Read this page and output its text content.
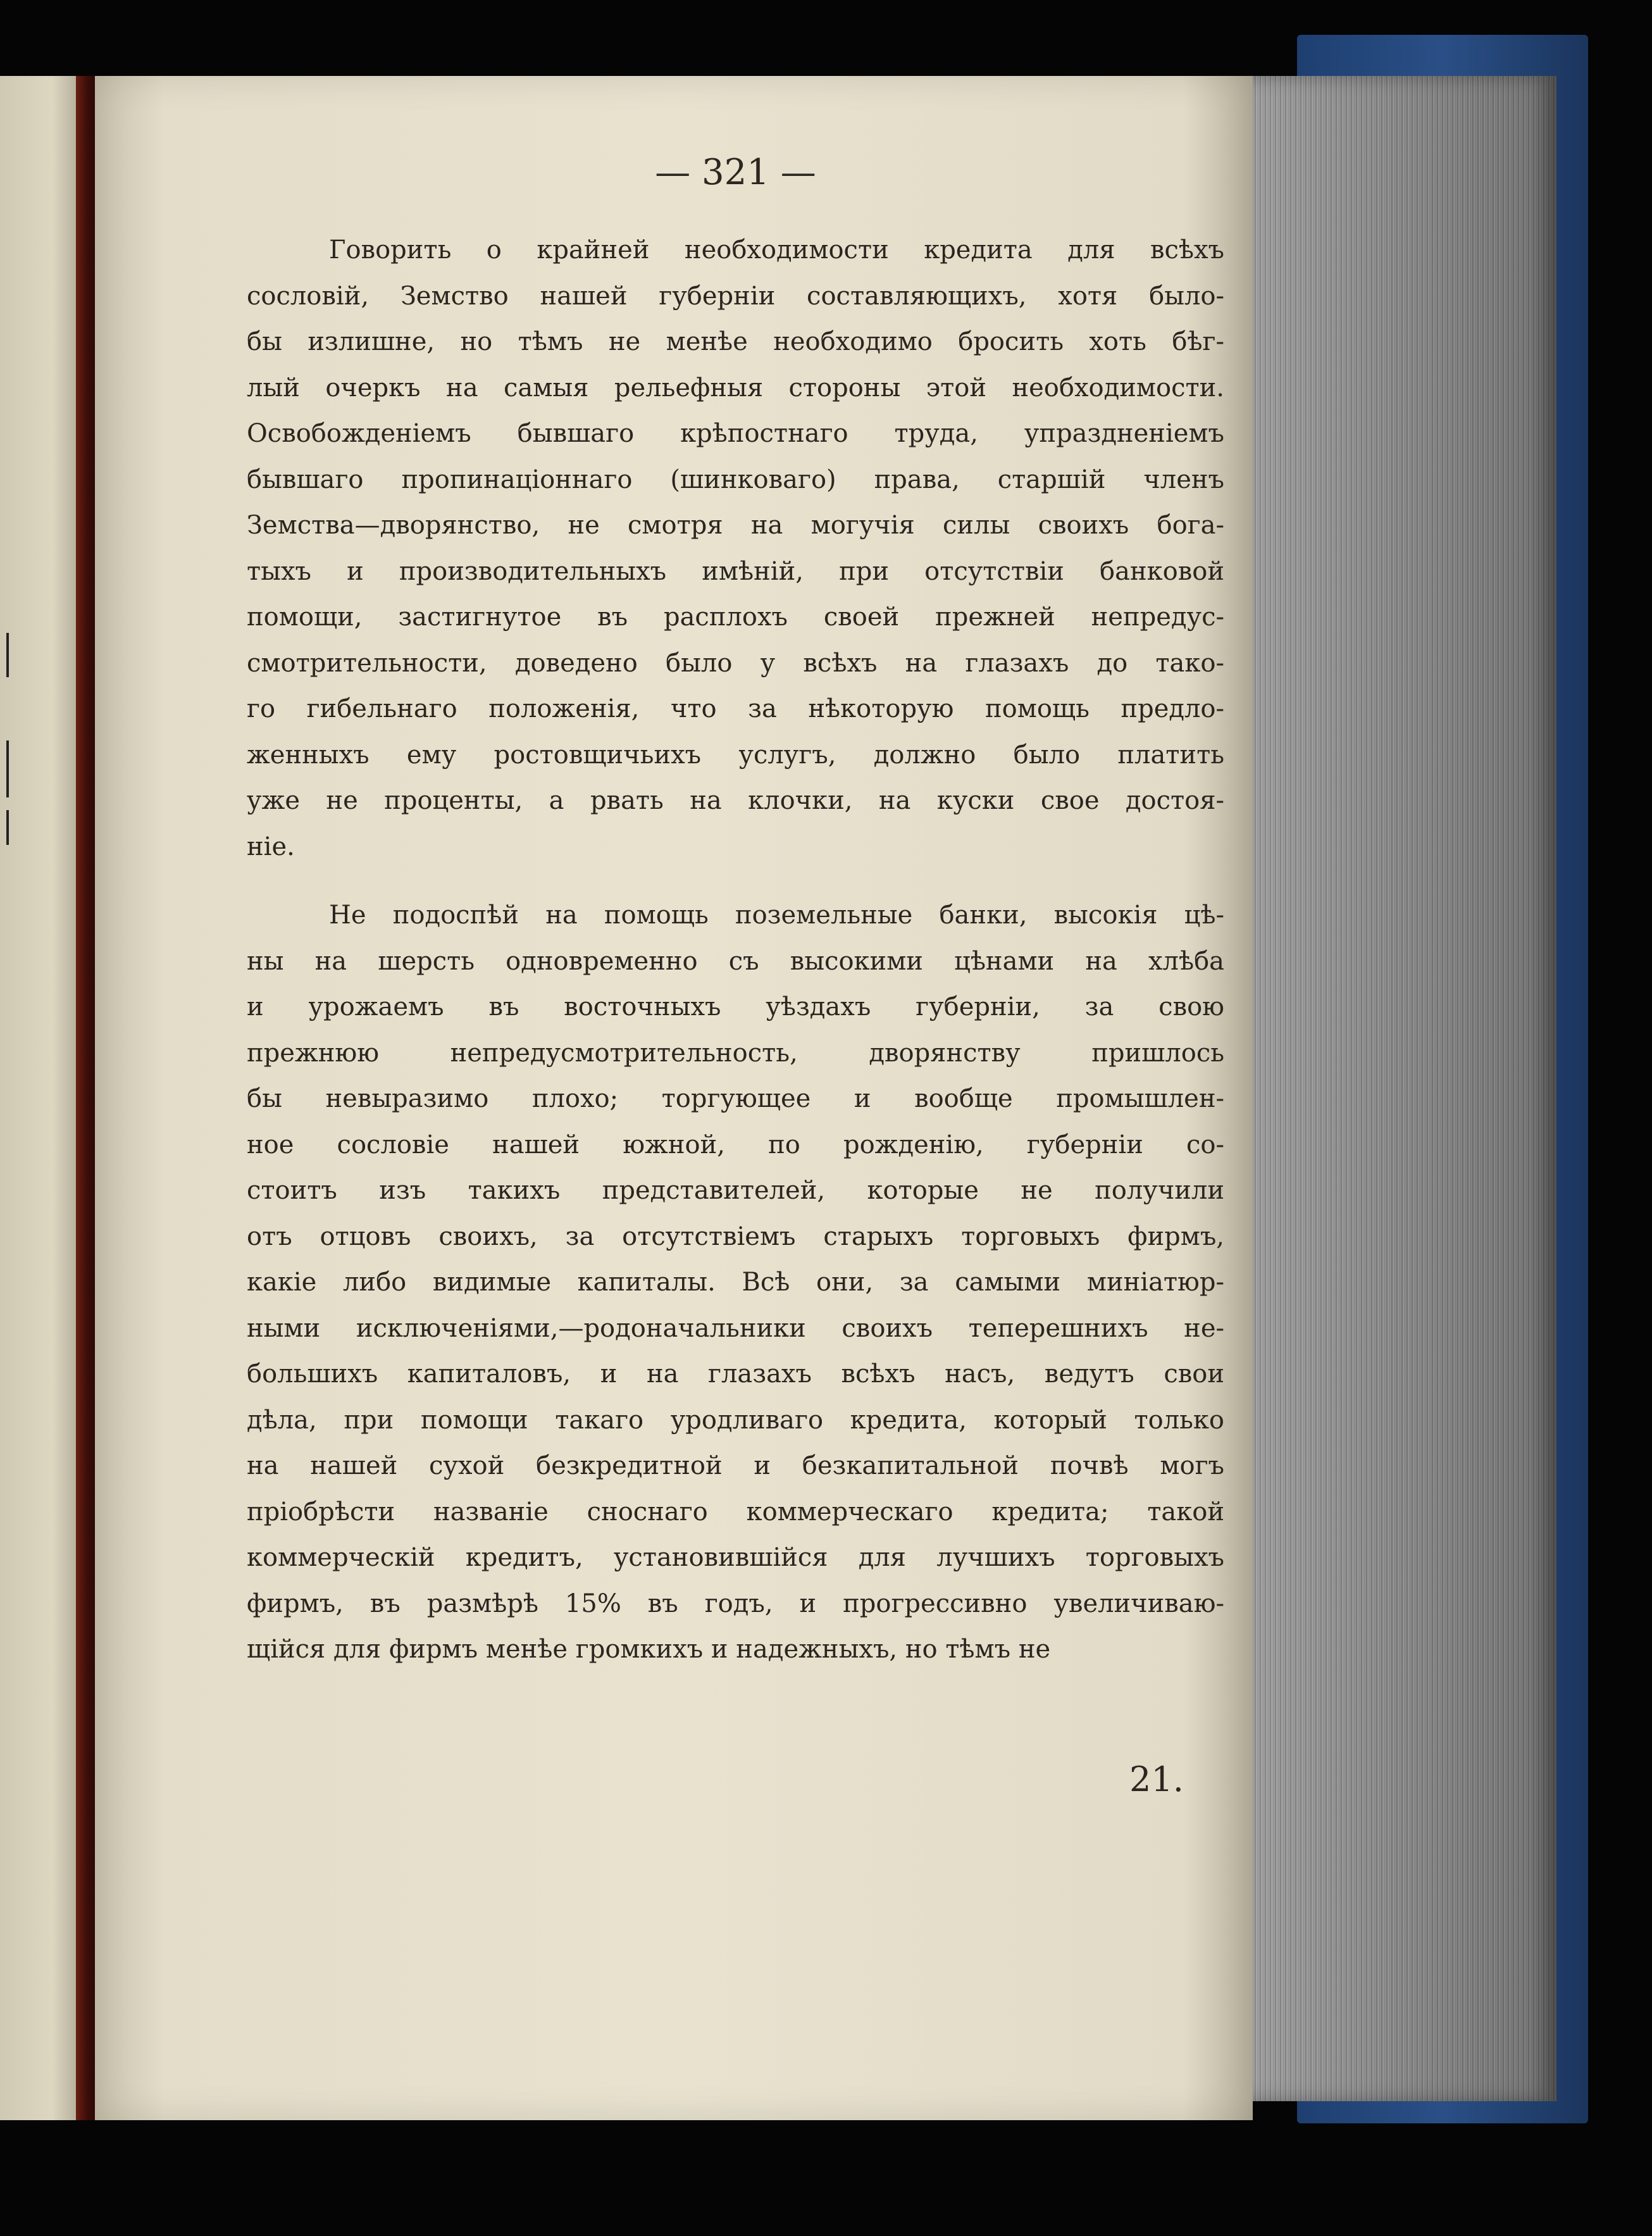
— 321 —
Говорить о крайней необходимости кредита для всѣхъ
сословій, Земство нашей губерніи составляющихъ, хотя было-
бы излишне, но тѣмъ не менѣе необходимо бросить хоть бѣг-
лый очеркъ на самыя рельефныя стороны этой необходимости.
Освобожденіемъ бывшаго крѣпостнаго труда, упраздненіемъ
бывшаго пропинаціоннаго (шинковаго) права, старшій членъ
Земства—дворянство, не смотря на могучія силы своихъ бога-
тыхъ и производительныхъ имѣній, при отсутствіи банковой
помощи, застигнутое въ расплохъ своей прежней непредус-
смотрительности, доведено было у всѣхъ на глазахъ до тако-
го гибельнаго положенія, что за нѣкоторую помощь предло-
женныхъ ему ростовщичьихъ услугъ, должно было платить
уже не проценты, а рвать на клочки, на куски свое достоя-
ніе.
Не подоспѣй на помощь поземельные банки, высокія цѣ-
ны на шерсть одновременно съ высокими цѣнами на хлѣба
и урожаемъ въ восточныхъ уѣздахъ губерніи, за свою
прежнюю непредусмотрительность, дворянству пришлось
бы невыразимо плохо; торгующее и вообще промышлен-
ное сословіе нашей южной, по рожденію, губерніи со-
стоитъ изъ такихъ представителей, которые не получили
отъ отцовъ своихъ, за отсутствіемъ старыхъ торговыхъ фирмъ,
какіе либо видимые капиталы. Всѣ они, за самыми миніатюр-
ными исключеніями,—родоначальники своихъ теперешнихъ не-
большихъ капиталовъ, и на глазахъ всѣхъ насъ, ведутъ свои
дѣла, при помощи такаго уродливаго кредита, который только
на нашей сухой безкредитной и безкапитальной почвѣ могъ
пріобрѣсти названіе сноснаго коммерческаго кредита; такой
коммерческій кредитъ, установившійся для лучшихъ торговыхъ
фирмъ, въ размѣрѣ 15% въ годъ, и прогрессивно увеличиваю-
щійся для фирмъ менѣе громкихъ и надежныхъ, но тѣмъ не
21.
